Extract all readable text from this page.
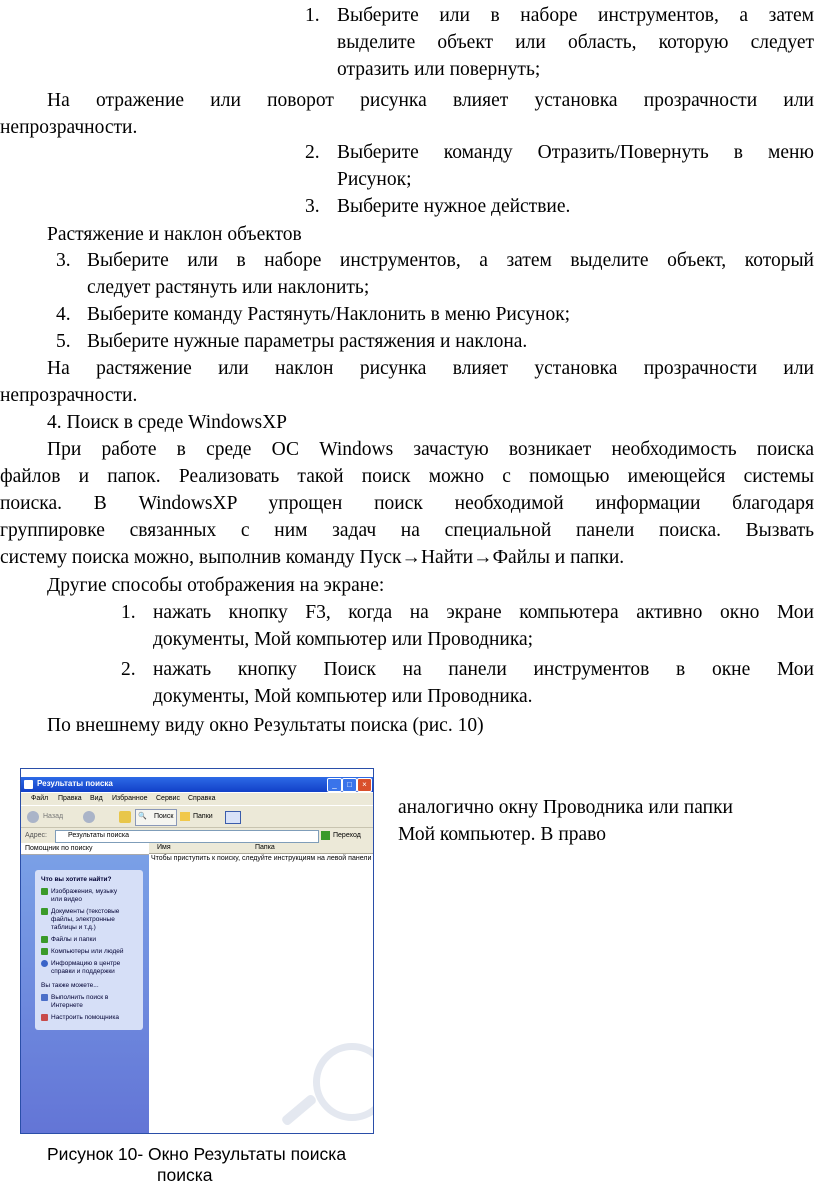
1. Выберите или в наборе инструментов, а затем
выделите объект или область, которую следует
отразить или повернуть;
На отражение или поворот рисунка влияет установка прозрачности или
непрозрачности.
2. Выберите команду Отразить/Повернуть в меню
Рисунок;
3. Выберите нужное действие.
Растяжение и наклон объектов
3. Выберите или в наборе инструментов, а затем выделите объект, который
следует растянуть или наклонить;
4. Выберите команду Растянуть/Наклонить в меню Рисунок;
5. Выберите нужные параметры растяжения и наклона.
На растяжение или наклон рисунка влияет установка прозрачности или
непрозрачности.
4. Поиск в среде WindowsXP
При работе в среде ОС Windows зачастую возникает необходимость поиска
файлов и папок. Реализовать такой поиск можно с помощью имеющейся системы
поиска. В WindowsXP упрощен поиск необходимой информации благодаря
группировке связанных с ним задач на специальной панели поиска. Вызвать
систему поиска можно, выполнив команду Пуск→Найти→Файлы и папки.
Другие способы отображения на экране:
1. нажать кнопку F3, когда на экране компьютера активно окно Мои
документы, Мой компьютер или Проводника;
2. нажать кнопку Поиск на панели инструментов в окне Мои
документы, Мой компьютер или Проводника.
По внешнему виду окно Результаты поиска (рис. 10)
Результаты поиска	_	□	×
Файл Правка Вид Избранное Сервис Справка
Назад	🔍 Поиск	Папки
Адрес:	Результаты поиска	Переход
Помощник по поиску
Что вы хотите найти?
Изображения, музыку
или видео
Документы (текстовые
файлы, электронные
таблицы и т.д.)
Файлы и папки
Компьютеры или людей
Информацию в центре
справки и поддержки
Вы также можете...
Выполнить поиск в
Интернете
Настроить помощника
Имя	Папка
Чтобы приступить к поиску, следуйте инструкциям на левой панели
аналогично окну Проводника или папки
Мой компьютер. В право
Рисунок 10- Окно Результаты поиска
поиска
